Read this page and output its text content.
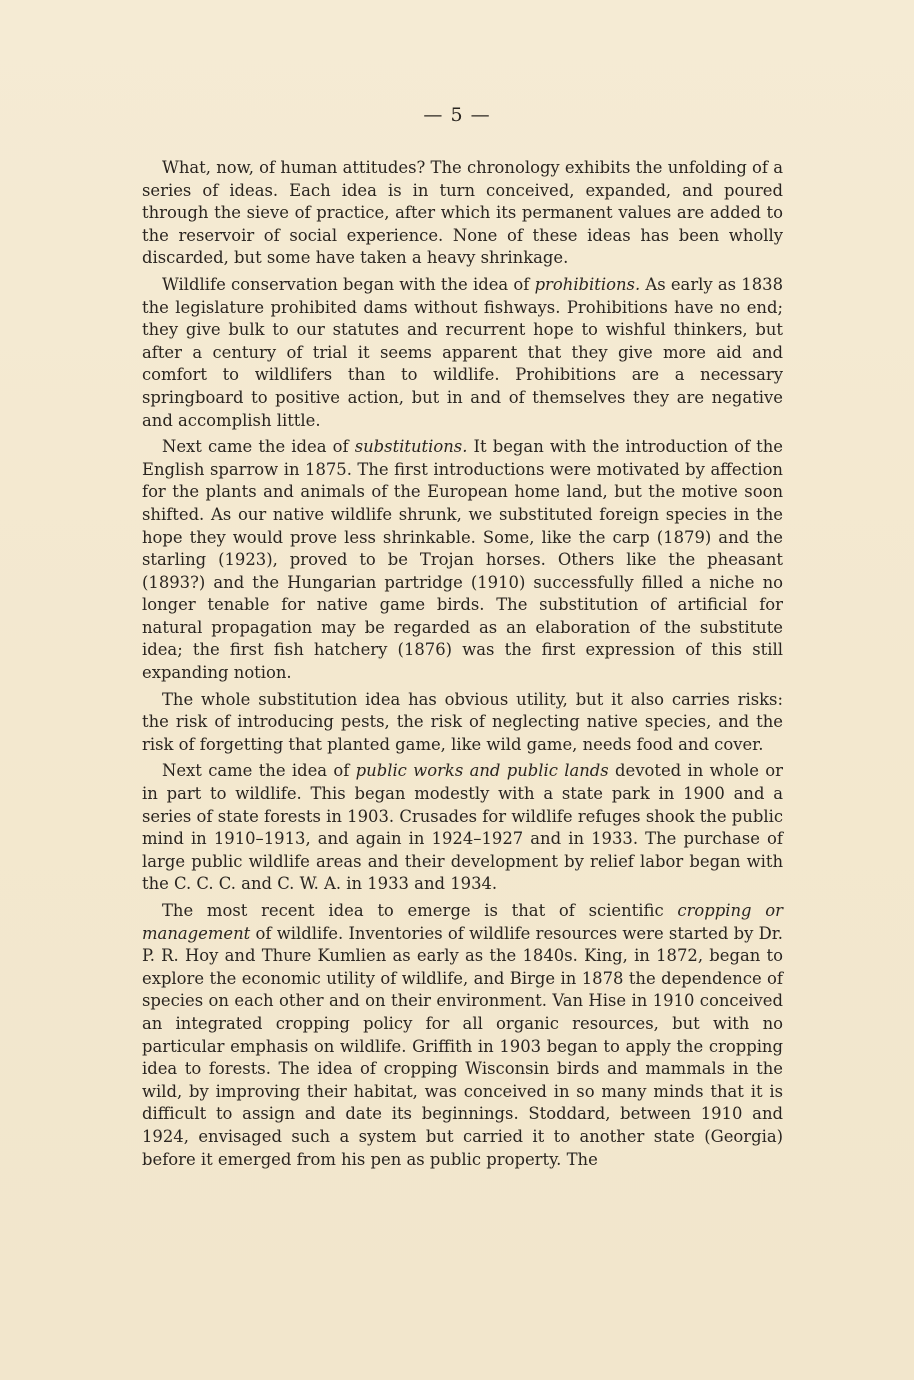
— 5 —

What, now, of human attitudes? The chronology exhibits the unfolding of a series of ideas. Each idea is in turn conceived, expanded, and poured through the sieve of practice, after which its permanent values are added to the reservoir of social experience. None of these ideas has been wholly discarded, but some have taken a heavy shrinkage.

Wildlife conservation began with the idea of prohibitions. As early as 1838 the legislature prohibited dams without fishways. Prohibitions have no end; they give bulk to our statutes and recurrent hope to wishful thinkers, but after a century of trial it seems apparent that they give more aid and comfort to wildlifers than to wildlife. Prohibitions are a necessary springboard to positive action, but in and of themselves they are negative and accomplish little.

Next came the idea of substitutions. It began with the introduction of the English sparrow in 1875. The first introductions were motivated by affection for the plants and animals of the European home land, but the motive soon shifted. As our native wildlife shrunk, we substituted foreign species in the hope they would prove less shrinkable. Some, like the carp (1879) and the starling (1923), proved to be Trojan horses. Others like the pheasant (1893?) and the Hungarian partridge (1910) successfully filled a niche no longer tenable for native game birds. The substitution of artificial for natural propagation may be regarded as an elaboration of the substitute idea; the first fish hatchery (1876) was the first expression of this still expanding notion.

The whole substitution idea has obvious utility, but it also carries risks: the risk of introducing pests, the risk of neglecting native species, and the risk of forgetting that planted game, like wild game, needs food and cover.

Next came the idea of public works and public lands devoted in whole or in part to wildlife. This began modestly with a state park in 1900 and a series of state forests in 1903. Crusades for wildlife refuges shook the public mind in 1910–1913, and again in 1924–1927 and in 1933. The purchase of large public wildlife areas and their development by relief labor began with the C. C. C. and C. W. A. in 1933 and 1934.

The most recent idea to emerge is that of scientific cropping or management of wildlife. Inventories of wildlife resources were started by Dr. P. R. Hoy and Thure Kumlien as early as the 1840s. King, in 1872, began to explore the economic utility of wildlife, and Birge in 1878 the dependence of species on each other and on their environment. Van Hise in 1910 conceived an integrated cropping policy for all organic resources, but with no particular emphasis on wildlife. Griffith in 1903 began to apply the cropping idea to forests. The idea of cropping Wisconsin birds and mammals in the wild, by improving their habitat, was conceived in so many minds that it is difficult to assign and date its beginnings. Stoddard, between 1910 and 1924, envisaged such a system but carried it to another state (Georgia) before it emerged from his pen as public property. The
